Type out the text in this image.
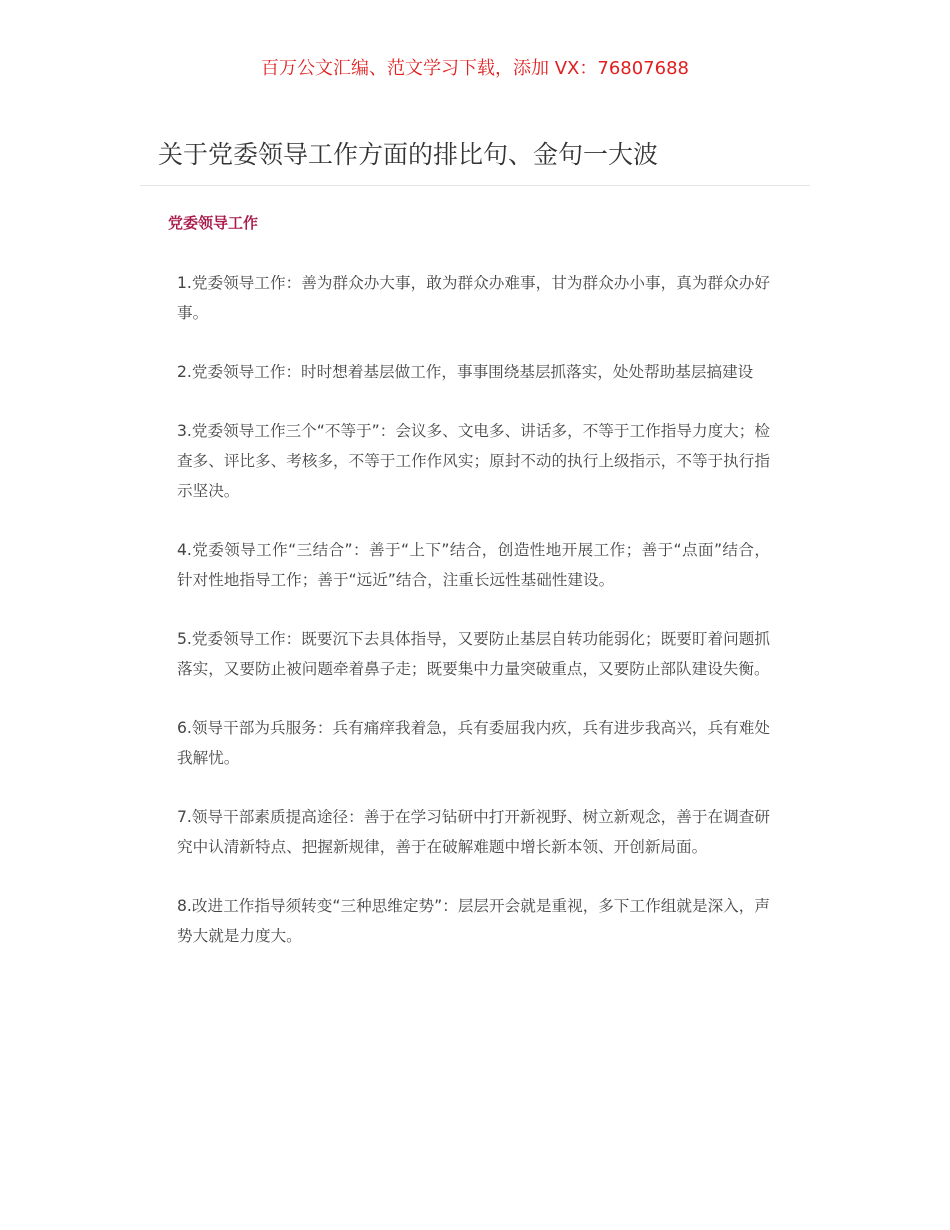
百万公文汇编、范文学习下载，添加 VX：76807688
关于党委领导工作方面的排比句、金句一大波
党委领导工作

1.党委领导工作：善为群众办大事，敢为群众办难事，甘为群众办小事，真为群众办好事。

2.党委领导工作：时时想着基层做工作，事事围绕基层抓落实，处处帮助基层搞建设

3.党委领导工作三个“不等于”：会议多、文电多、讲话多，不等于工作指导力度大；检查多、评比多、考核多，不等于工作作风实；原封不动的执行上级指示，不等于执行指示坚决。

4.党委领导工作“三结合”：善于“上下”结合，创造性地开展工作；善于“点面”结合，针对性地指导工作；善于“远近”结合，注重长远性基础性建设。

5.党委领导工作：既要沉下去具体指导，又要防止基层自转功能弱化；既要盯着问题抓落实，又要防止被问题牵着鼻子走；既要集中力量突破重点，又要防止部队建设失衡。

6.领导干部为兵服务：兵有痛痒我着急，兵有委屈我内疚，兵有进步我高兴，兵有难处我解忧。

7.领导干部素质提高途径：善于在学习钻研中打开新视野、树立新观念，善于在调查研究中认清新特点、把握新规律，善于在破解难题中增长新本领、开创新局面。

8.改进工作指导须转变“三种思维定势”：层层开会就是重视，多下工作组就是深入，声势大就是力度大。
